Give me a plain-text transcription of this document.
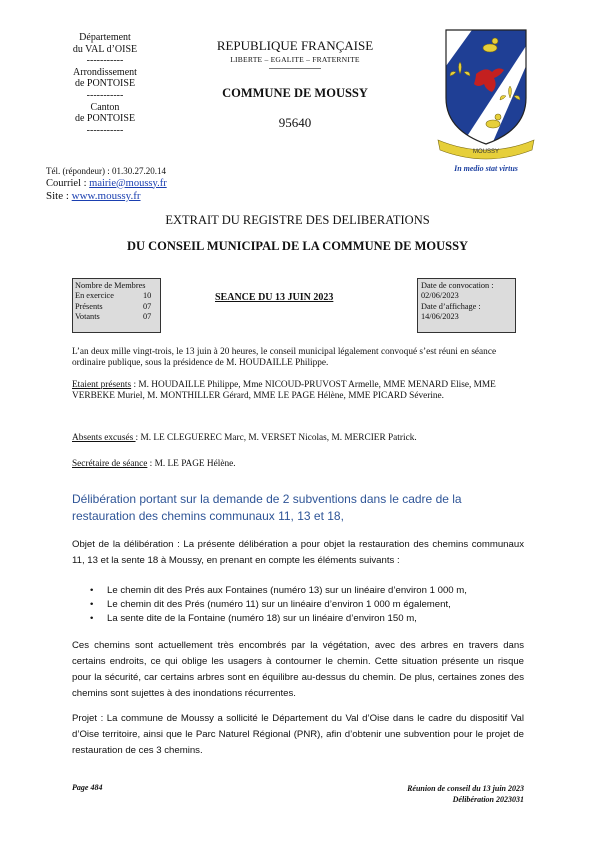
Département
du VAL d’OISE
-----------
Arrondissement
de PONTOISE
-----------
Canton
de PONTOISE
-----------
Tél. (répondeur) : 01.30.27.20.14
Courriel : mairie@moussy.fr
Site : www.moussy.fr
REPUBLIQUE FRANÇAISE
LIBERTE – EGALITE – FRATERNITE
COMMUNE DE MOUSSY
95640
MOUSSY
In medio stat virtus
EXTRAIT DU REGISTRE DES DELIBERATIONS
DU CONSEIL MUNICIPAL DE LA COMMUNE DE MOUSSY
Nombre de Membres
En exercice	10
Présents	07
Votants	07
SEANCE DU 13 JUIN 2023
Date de convocation :
02/06/2023
Date d’affichage :
14/06/2023
L’an deux mille vingt-trois, le 13 juin à 20 heures, le conseil municipal légalement convoqué s’est réuni en séance ordinaire publique, sous la présidence de M. HOUDAILLE Philippe.
Etaient présents : M. HOUDAILLE Philippe, Mme NICOUD-PRUVOST Armelle, MME MENARD Elise, MME VERBEKE Muriel, M. MONTHILLER Gérard, MME LE PAGE Hélène, MME PICARD Séverine.
Absents excusés : M. LE CLEGUEREC Marc, M. VERSET Nicolas, M. MERCIER Patrick.
Secrétaire de séance : M. LE PAGE Hélène.
Délibération portant sur la demande de 2 subventions dans le cadre de la restauration des chemins communaux 11, 13 et 18,
Objet de la délibération : La présente délibération a pour objet la restauration des chemins communaux 11, 13 et la sente 18 à Moussy, en prenant en compte les éléments suivants :
•	Le chemin dit des Prés aux Fontaines (numéro 13) sur un linéaire d’environ 1 000 m,
•	Le chemin dit des Prés (numéro 11) sur un linéaire d’environ 1 000 m également,
•	La sente dite de la Fontaine (numéro 18) sur un linéaire d’environ 150 m,
Ces chemins sont actuellement très encombrés par la végétation, avec des arbres en travers dans certains endroits, ce qui oblige les usagers à contourner le chemin. Cette situation présente un risque pour la sécurité, car certains arbres sont en équilibre au-dessus du chemin. De plus, certaines zones des chemins sont sujettes à des inondations récurrentes.
Projet : La commune de Moussy a sollicité le Département du Val d’Oise dans le cadre du dispositif Val d’Oise territoire, ainsi que le Parc Naturel Régional (PNR), afin d’obtenir une subvention pour le projet de restauration de ces 3 chemins.
Page 484	Réunion de conseil du 13 juin 2023
Délibération 2023031
